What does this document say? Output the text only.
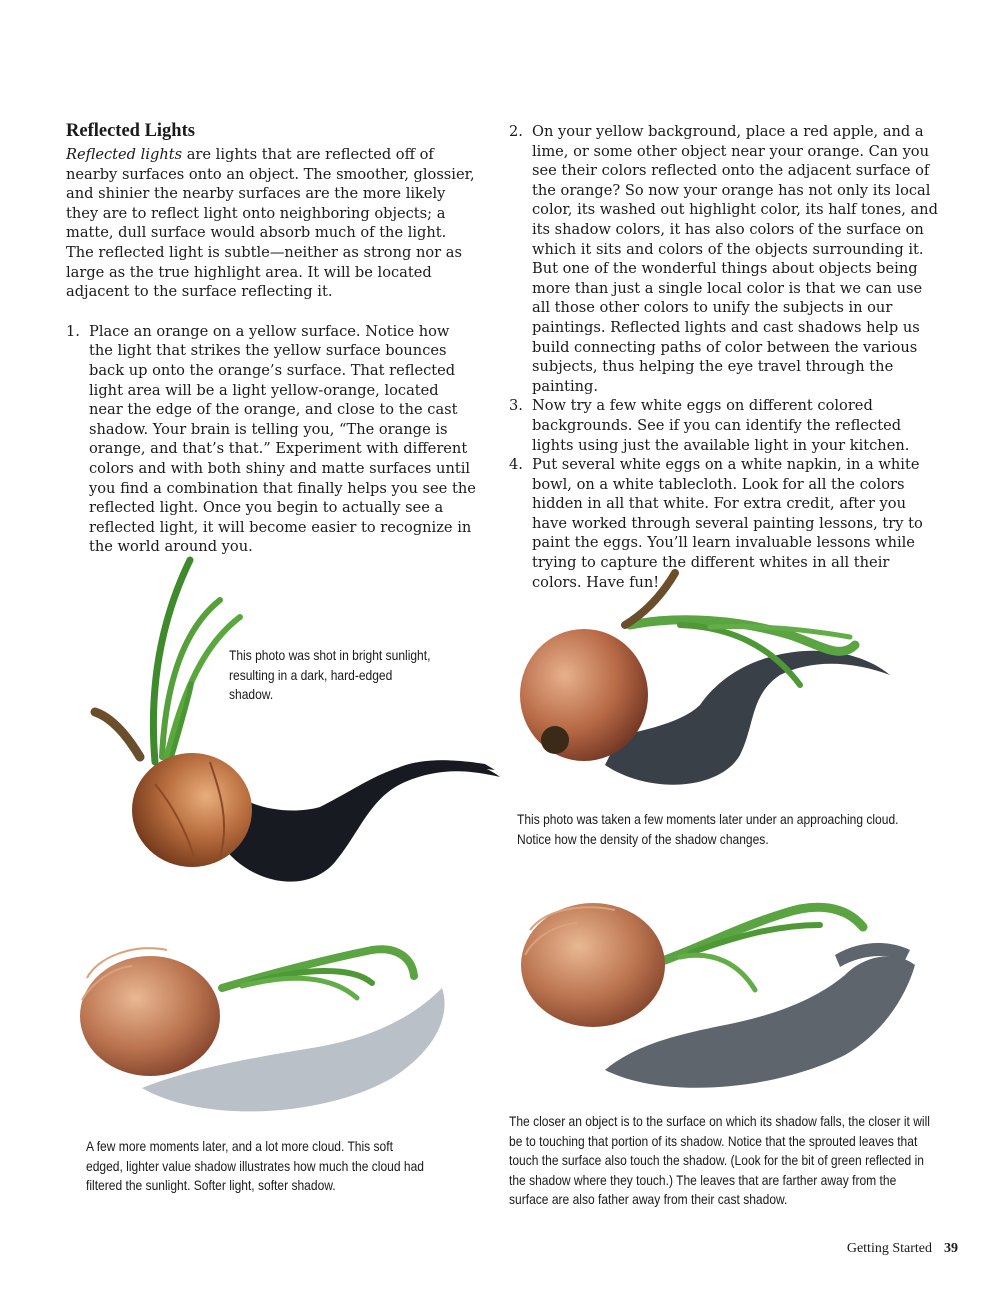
Reflected Lights

Reflected lights are lights that are reflected off of nearby surfaces onto an object. The smoother, glossier, and shinier the nearby surfaces are the more likely they are to reflect light onto neighboring objects; a matte, dull surface would absorb much of the light. The reflected light is subtle—neither as strong nor as large as the true highlight area. It will be located adjacent to the surface reflecting it.

1. Place an orange on a yellow surface. Notice how the light that strikes the yellow surface bounces back up onto the orange’s surface. That reflected light area will be a light yellow-orange, located near the edge of the orange, and close to the cast shadow. Your brain is telling you, “The orange is orange, and that’s that.” Experiment with different colors and with both shiny and matte surfaces until you find a combination that finally helps you see the reflected light. Once you begin to actually see a reflected light, it will become easier to recognize in the world around you.
2. On your yellow background, place a red apple, and a lime, or some other object near your orange. Can you see their colors reflected onto the adjacent surface of the orange? So now your orange has not only its local color, its washed out highlight color, its half tones, and its shadow colors, it has also colors of the surface on which it sits and colors of the objects surrounding it. But one of the wonderful things about objects being more than just a single local color is that we can use all those other colors to unify the subjects in our paintings. Reflected lights and cast shadows help us build connecting paths of color between the various subjects, thus helping the eye travel through the painting.
3. Now try a few white eggs on different colored backgrounds. See if you can identify the reflected lights using just the available light in your kitchen.
4. Put several white eggs on a white napkin, in a white bowl, on a white tablecloth. Look for all the colors hidden in all that white. For extra credit, after you have worked through several painting lessons, try to paint the eggs. You’ll learn invaluable lessons while trying to capture the different whites in all their colors. Have fun!
This photo was shot in bright sunlight, resulting in a dark, hard-edged shadow.
This photo was taken a few moments later under an approaching cloud. Notice how the density of the shadow changes.
A few more moments later, and a lot more cloud. This soft edged, lighter value shadow illustrates how much the cloud had filtered the sunlight. Softer light, softer shadow.
The closer an object is to the surface on which its shadow falls, the closer it will be to touching that portion of its shadow. Notice that the sprouted leaves that touch the surface also touch the shadow. (Look for the bit of green reflected in the shadow where they touch.) The leaves that are farther away from the surface are also father away from their cast shadow.
Getting Started 39
